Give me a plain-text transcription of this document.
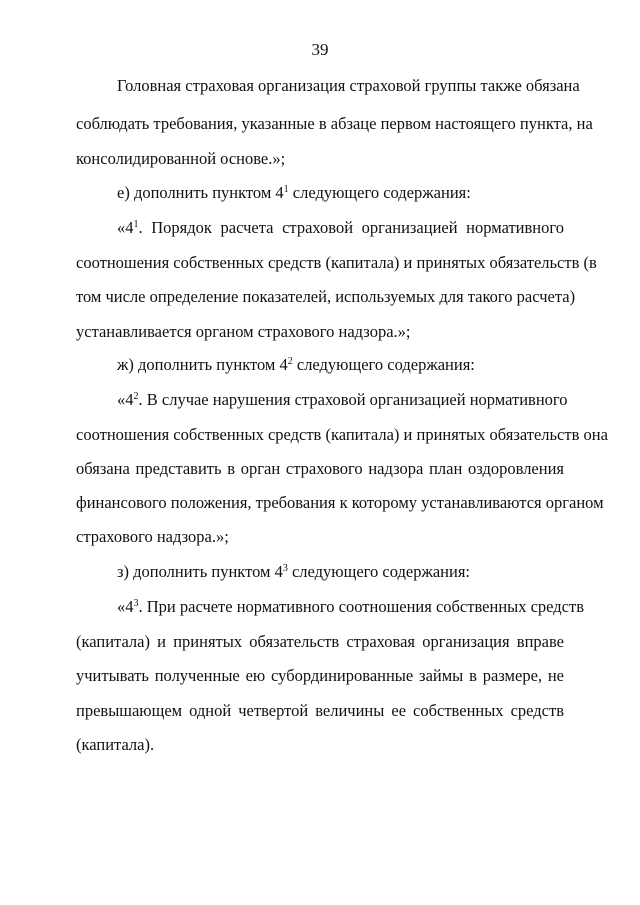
39
Головная страховая организация страховой группы также обязана
соблюдать требования, указанные в абзаце первом настоящего пункта, на
консолидированной основе.»;
е) дополнить пунктом $4^1$ следующего содержания:
«$4^1$. Порядок расчета страховой организацией нормативного
соотношения собственных средств (капитала) и принятых обязательств (в
том числе определение показателей, используемых для такого расчета)
устанавливается органом страхового надзора.»;
ж) дополнить пунктом $4^2$ следующего содержания:
«$4^2$. В случае нарушения страховой организацией нормативного
соотношения собственных средств (капитала) и принятых обязательств она
обязана представить в орган страхового надзора план оздоровления
финансового положения, требования к которому устанавливаются органом
страхового надзора.»;
з) дополнить пунктом $4^3$ следующего содержания:
«$4^3$. При расчете нормативного соотношения собственных средств
(капитала) и принятых обязательств страховая организация вправе
учитывать полученные ею субординированные займы в размере, не
превышающем одной четвертой величины ее собственных средств
(капитала).
